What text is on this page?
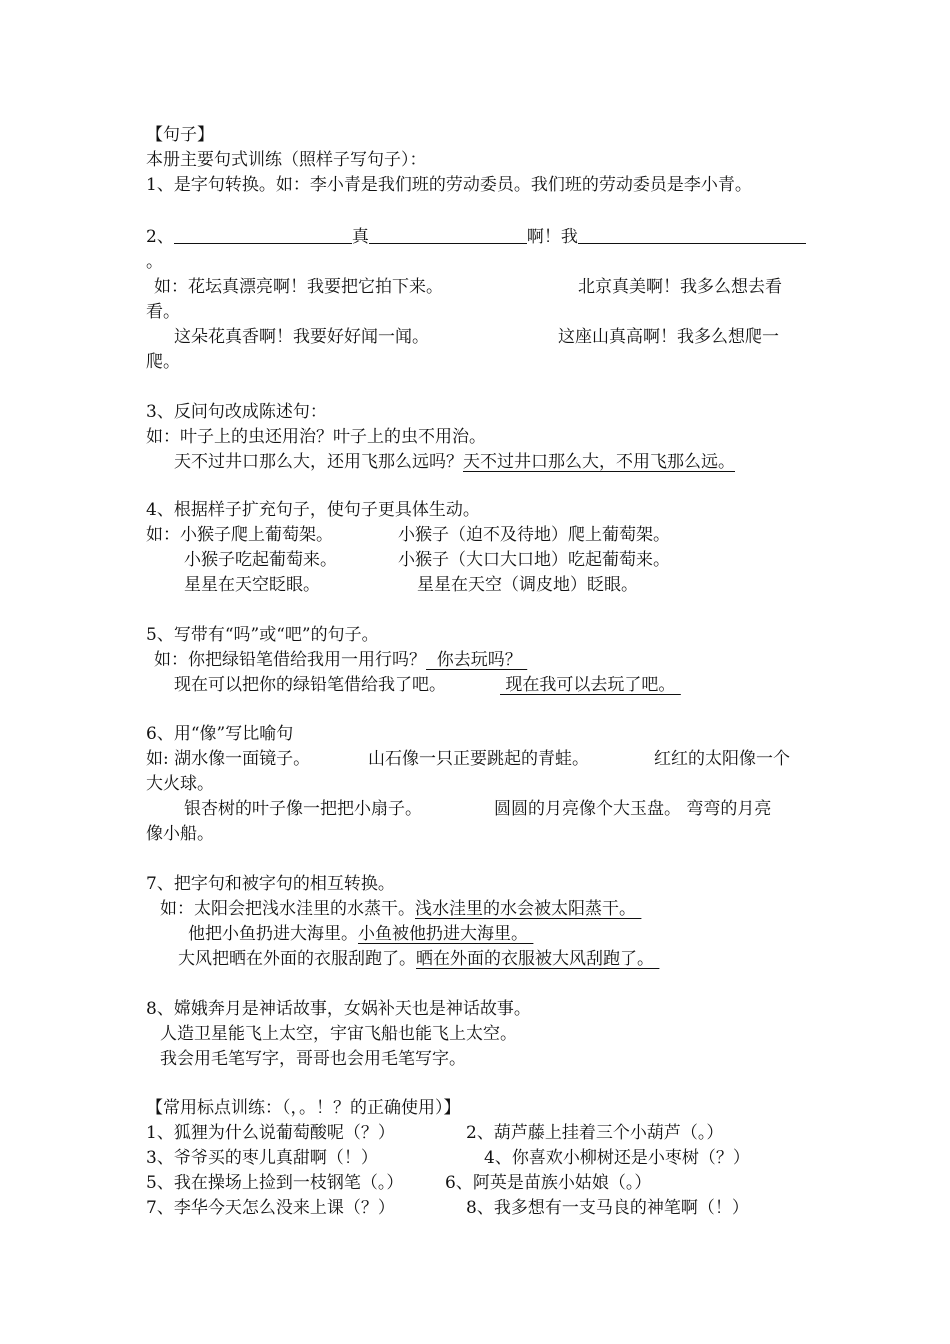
【句子】

本册主要句式训练（照样子写句子）：

1、是字句转换。如：李小青是我们班的劳动委员。我们班的劳动委员是李小青。

2、	真	啊！我

。

如：花坛真漂亮啊！我要把它拍下来。	北京真美啊！我多么想去看

看。

这朵花真香啊！我要好好闻一闻。	这座山真高啊！我多么想爬一

爬。

3、反问句改成陈述句：

如：叶子上的虫还用治？叶子上的虫不用治。

天不过井口那么大，还用飞那么远吗？天不过井口那么大，不用飞那么远。

4、根据样子扩充句子，使句子更具体生动。

如：小猴子爬上葡萄架。	小猴子（迫不及待地）爬上葡萄架。

小猴子吃起葡萄来。	小猴子（大口大口地）吃起葡萄来。

星星在天空眨眼。	星星在天空（调皮地）眨眼。

5、写带有“吗”或“吧”的句子。

如：你把绿铅笔借给我用一用行吗？  你去玩吗？

现在可以把你的绿铅笔借给我了吧。	现在我可以去玩了吧。

6、用“像”写比喻句

如: 湖水像一面镜子。	山石像一只正要跳起的青蛙。	红红的太阳像一个

大火球。

银杏树的叶子像一把把小扇子。	圆圆的月亮像个大玉盘。 弯弯的月亮

像小船。

7、把字句和被字句的相互转换。

如：太阳会把浅水洼里的水蒸干。浅水洼里的水会被太阳蒸干。

他把小鱼扔进大海里。小鱼被他扔进大海里。

大风把晒在外面的衣服刮跑了。晒在外面的衣服被大风刮跑了。

8、嫦娥奔月是神话故事，女娲补天也是神话故事。

人造卫星能飞上太空，宇宙飞船也能飞上太空。

我会用毛笔写字，哥哥也会用毛笔写字。

【常用标点训练：（，。！？的正确使用）】

1、狐狸为什么说葡萄酸呢（？）	2、葫芦藤上挂着三个小葫芦（。）

3、爷爷买的枣儿真甜啊（！）	4、你喜欢小柳树还是小枣树（？）

5、我在操场上捡到一枝钢笔（。） 6、阿英是苗族小姑娘（。）

7、李华今天怎么没来上课（？）	8、我多想有一支马良的神笔啊（！）
